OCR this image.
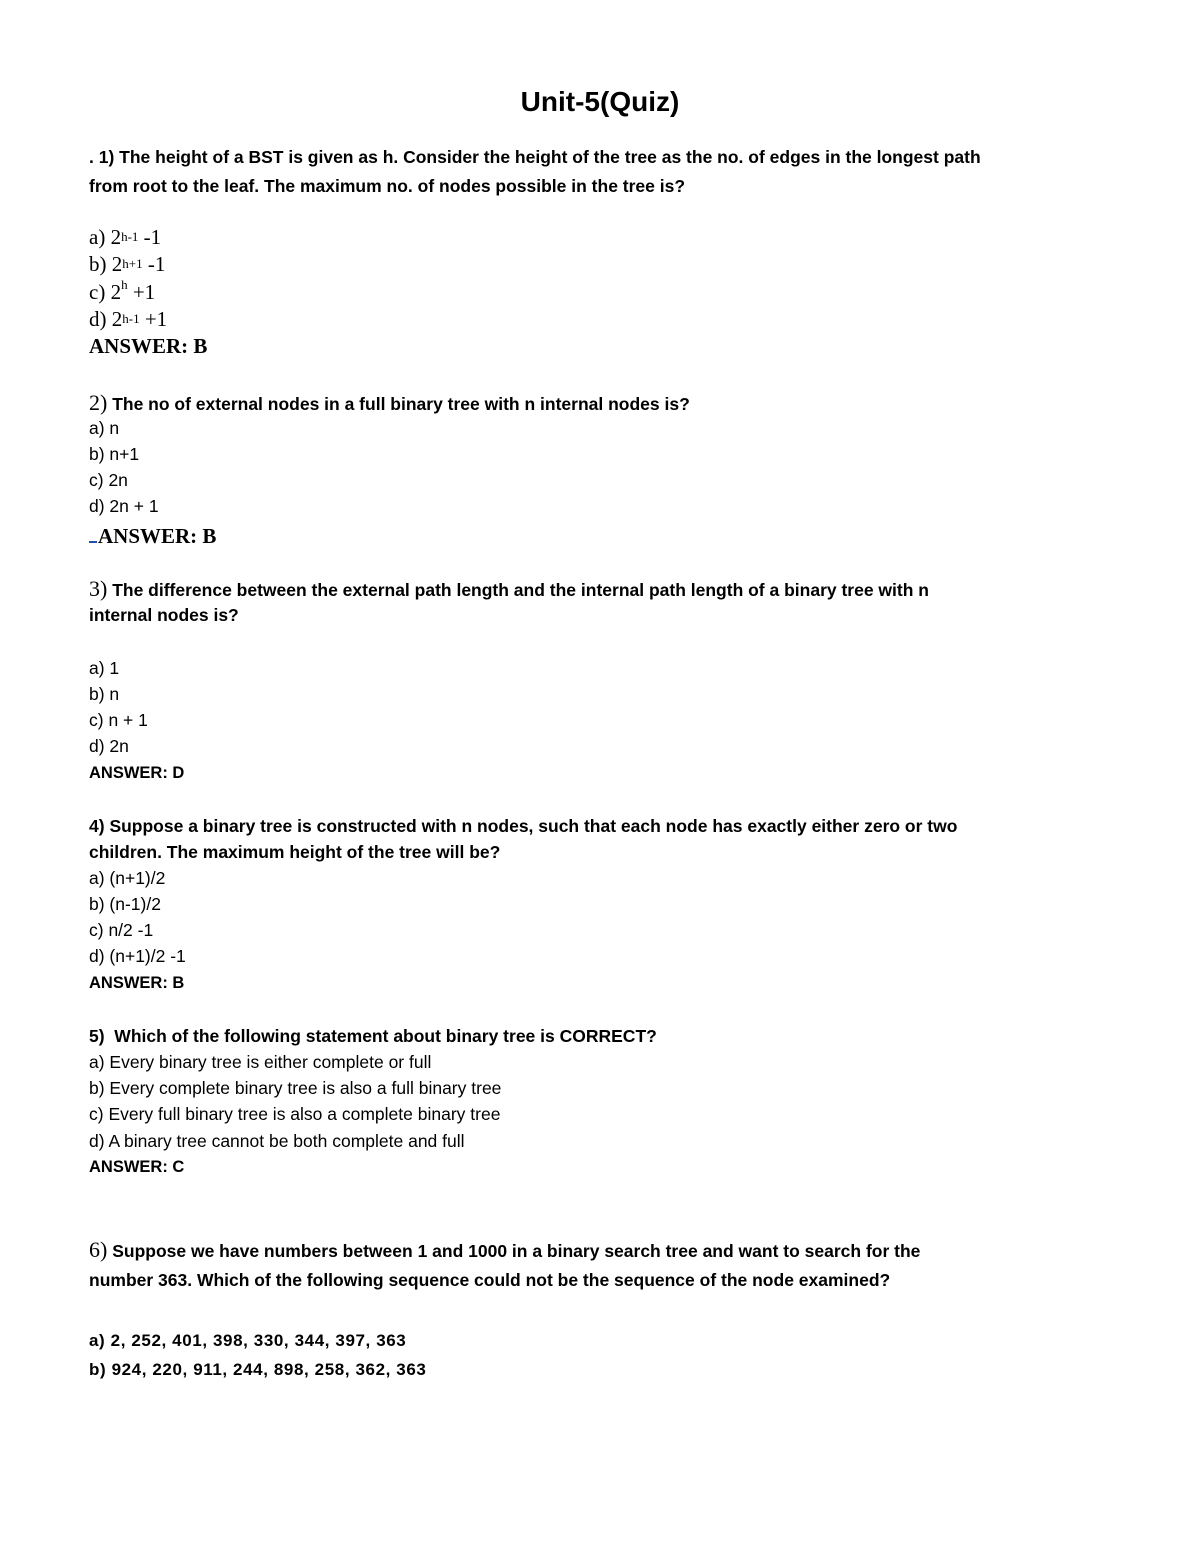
Unit-5(Quiz)

. 1) The height of a BST is given as h. Consider the height of the tree as the no. of edges in the longest path

from root to the leaf. The maximum no. of nodes possible in the tree is?

a) 2$^{h-1}$ -1

b) $2^{h+1}$ -1

c) $2^h +1$

d) $2^{h-1} +1$

ANSWER: B

2) The no of external nodes in a full binary tree with n internal nodes is?

a) n

b) n+1

c) 2n

d) 2n + 1

ANSWER: B

3) The difference between the external path length and the internal path length of a binary tree with n

internal nodes is?

a) 1

b) n

c) n + 1

d) 2n

ANSWER: D

4) Suppose a binary tree is constructed with n nodes, such that each node has exactly either zero or two

children. The maximum height of the tree will be?

a) (n+1)/2

b) (n-1)/2

c) n/2 -1

d) (n+1)/2 -1

ANSWER: B

5) Which of the following statement about binary tree is CORRECT?

a) Every binary tree is either complete or full

b) Every complete binary tree is also a full binary tree

c) Every full binary tree is also a complete binary tree

d) A binary tree cannot be both complete and full

ANSWER: C

6) Suppose we have numbers between 1 and 1000 in a binary search tree and want to search for the

number 363. Which of the following sequence could not be the sequence of the node examined?

a) 2, 252, 401, 398, 330, 344, 397, 363

b) 924, 220, 911, 244, 898, 258, 362, 363
